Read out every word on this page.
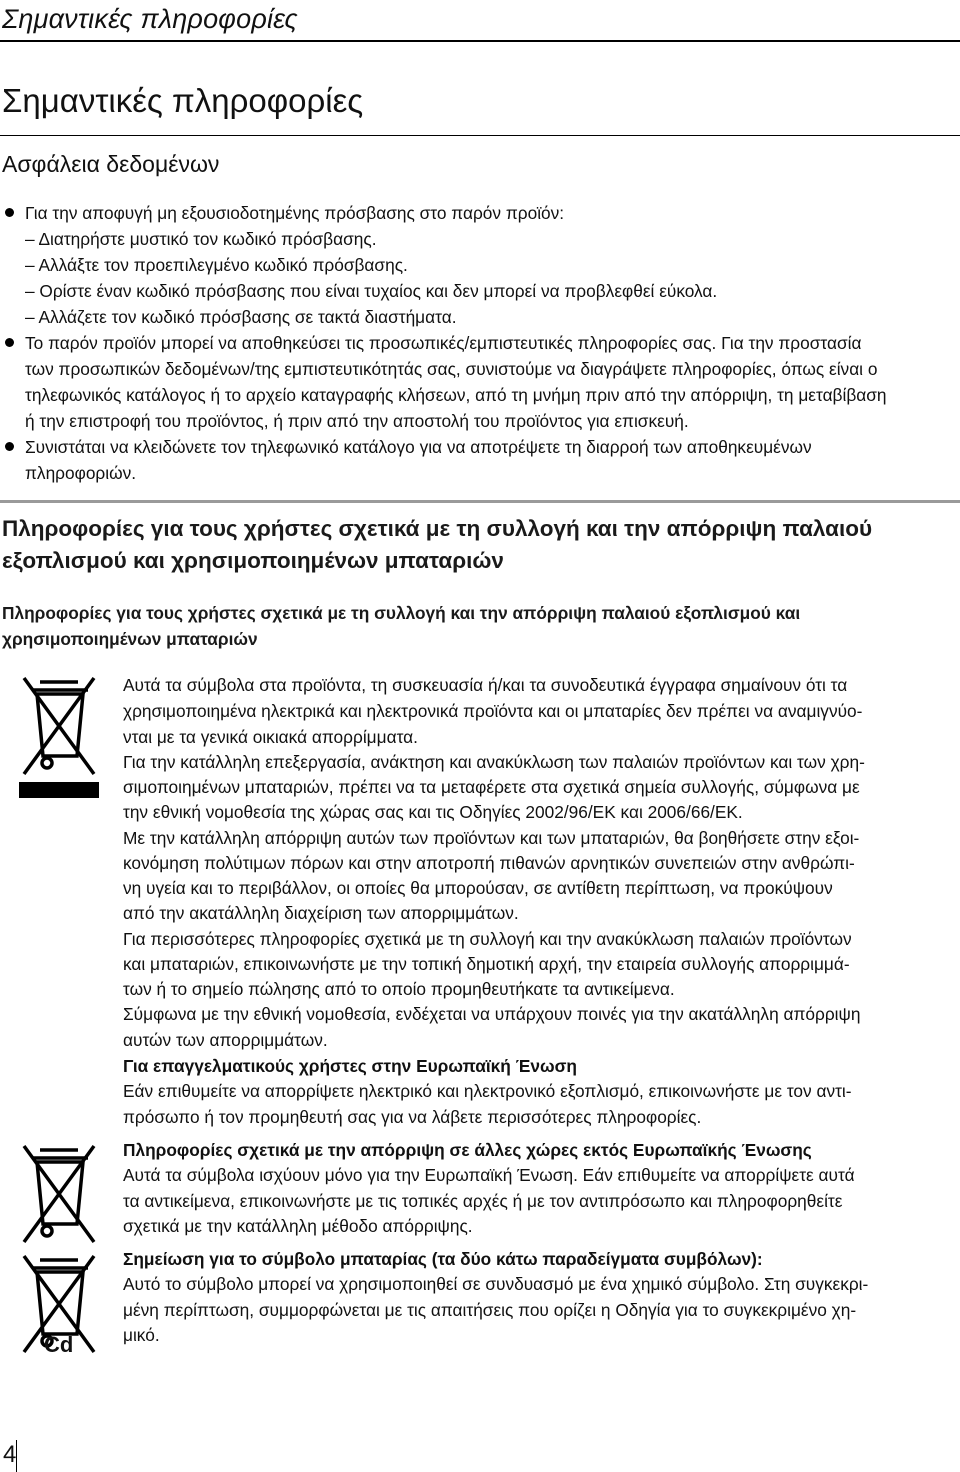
Σημαντικές πληροφορίες
Σημαντικές πληροφορίες
Ασφάλεια δεδομένων
Για την αποφυγή μη εξουσιοδοτημένης πρόσβασης στο παρόν προϊόν:
– Διατηρήστε μυστικό τον κωδικό πρόσβασης.
– Αλλάξτε τον προεπιλεγμένο κωδικό πρόσβασης.
– Ορίστε έναν κωδικό πρόσβασης που είναι τυχαίος και δεν μπορεί να προβλεφθεί εύκολα.
– Αλλάζετε τον κωδικό πρόσβασης σε τακτά διαστήματα.
Το παρόν προϊόν μπορεί να αποθηκεύσει τις προσωπικές/εμπιστευτικές πληροφορίες σας. Για την προστασία
των προσωπικών δεδομένων/της εμπιστευτικότητάς σας, συνιστούμε να διαγράψετε πληροφορίες, όπως είναι ο
τηλεφωνικός κατάλογος ή το αρχείο καταγραφής κλήσεων, από τη μνήμη πριν από την απόρριψη, τη μεταβίβαση
ή την επιστροφή του προϊόντος, ή πριν από την αποστολή του προϊόντος για επισκευή.
Συνιστάται να κλειδώνετε τον τηλεφωνικό κατάλογο για να αποτρέψετε τη διαρροή των αποθηκευμένων
πληροφοριών.
Πληροφορίες για τους χρήστες σχετικά με τη συλλογή και την απόρριψη παλαιού
εξοπλισμού και χρησιμοποιημένων μπαταριών
Πληροφορίες για τους χρήστες σχετικά με τη συλλογή και την απόρριψη παλαιού εξοπλισμού και
χρησιμοποιημένων μπαταριών
Cd
Αυτά τα σύμβολα στα προϊόντα, τη συσκευασία ή/και τα συνοδευτικά έγγραφα σημαίνουν ότι τα
χρησιμοποιημένα ηλεκτρικά και ηλεκτρονικά προϊόντα και οι μπαταρίες δεν πρέπει να αναμιγνύο-
νται με τα γενικά οικιακά απορρίμματα.
Για την κατάλληλη επεξεργασία, ανάκτηση και ανακύκλωση των παλαιών προϊόντων και των χρη-
σιμοποιημένων μπαταριών, πρέπει να τα μεταφέρετε στα σχετικά σημεία συλλογής, σύμφωνα με
την εθνική νομοθεσία της χώρας σας και τις Οδηγίες 2002/96/ΕΚ και 2006/66/ΕΚ.
Με την κατάλληλη απόρριψη αυτών των προϊόντων και των μπαταριών, θα βοηθήσετε στην εξοι-
κονόμηση πολύτιμων πόρων και στην αποτροπή πιθανών αρνητικών συνεπειών στην ανθρώπι-
νη υγεία και το περιβάλλον, οι οποίες θα μπορούσαν, σε αντίθετη περίπτωση, να προκύψουν
από την ακατάλληλη διαχείριση των απορριμμάτων.
Για περισσότερες πληροφορίες σχετικά με τη συλλογή και την ανακύκλωση παλαιών προϊόντων
και μπαταριών, επικοινωνήστε με την τοπική δημοτική αρχή, την εταιρεία συλλογής απορριμμά-
των ή το σημείο πώλησης από το οποίο προμηθευτήκατε τα αντικείμενα.
Σύμφωνα με την εθνική νομοθεσία, ενδέχεται να υπάρχουν ποινές για την ακατάλληλη απόρριψη
αυτών των απορριμμάτων.
Για επαγγελματικούς χρήστες στην Ευρωπαϊκή Ένωση
Εάν επιθυμείτε να απορρίψετε ηλεκτρικό και ηλεκτρονικό εξοπλισμό, επικοινωνήστε με τον αντι-
πρόσωπο ή τον προμηθευτή σας για να λάβετε περισσότερες πληροφορίες.
Πληροφορίες σχετικά με την απόρριψη σε άλλες χώρες εκτός Ευρωπαϊκής Ένωσης
Αυτά τα σύμβολα ισχύουν μόνο για την Ευρωπαϊκή Ένωση. Εάν επιθυμείτε να απορρίψετε αυτά
τα αντικείμενα, επικοινωνήστε με τις τοπικές αρχές ή με τον αντιπρόσωπο και πληροφορηθείτε
σχετικά με την κατάλληλη μέθοδο απόρριψης.
Σημείωση για το σύμβολο μπαταρίας (τα δύο κάτω παραδείγματα συμβόλων):
Αυτό το σύμβολο μπορεί να χρησιμοποιηθεί σε συνδυασμό με ένα χημικό σύμβολο. Στη συγκεκρι-
μένη περίπτωση, συμμορφώνεται με τις απαιτήσεις που ορίζει η Οδηγία για το συγκεκριμένο χη-
μικό.
4
